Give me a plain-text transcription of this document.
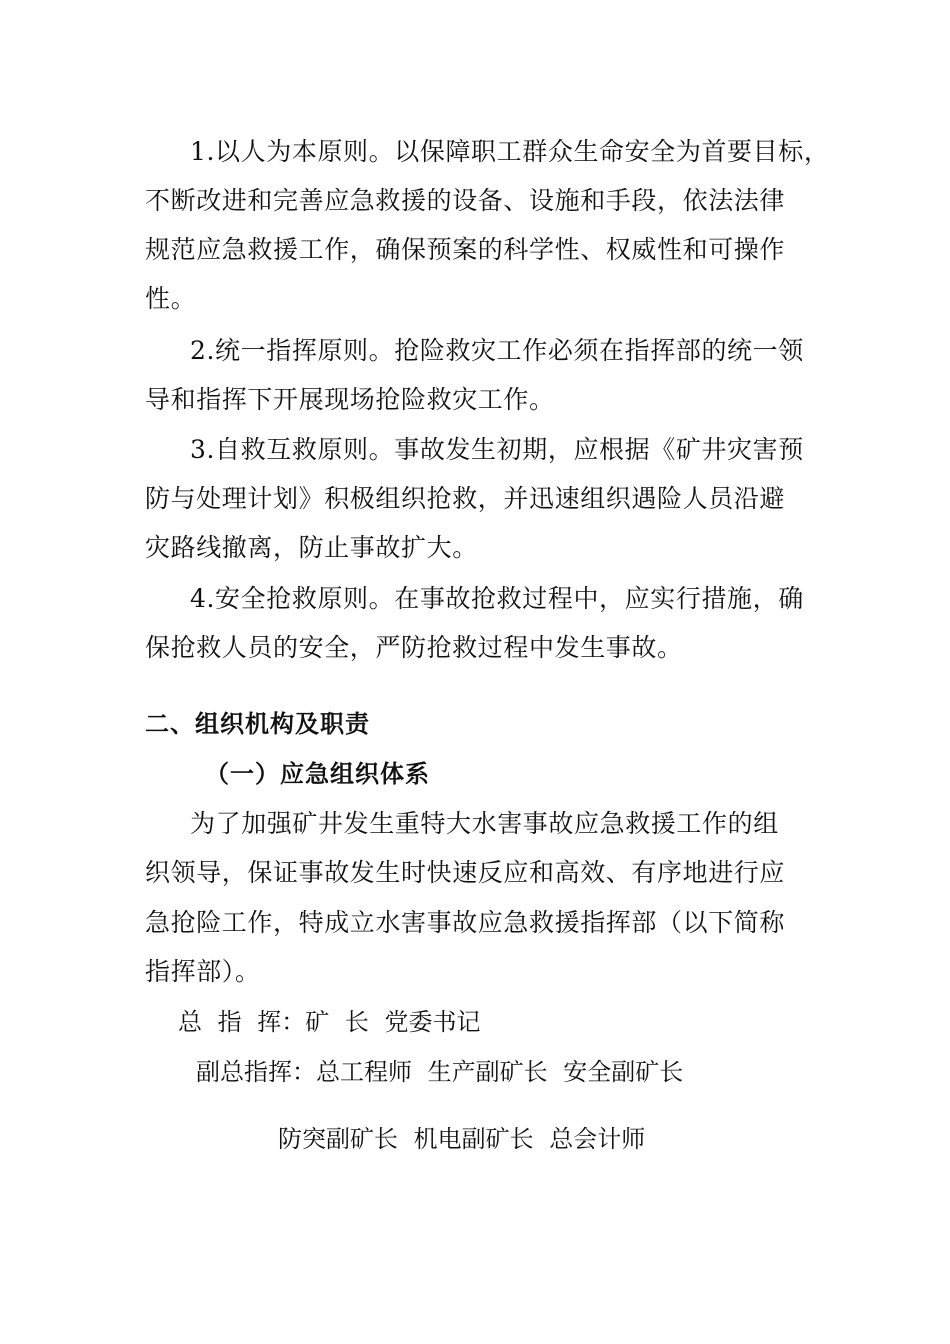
1.以人为本原则。以保障职工群众生命安全为首要目标，
不断改进和完善应急救援的设备、设施和手段，依法法律
规范应急救援工作，确保预案的科学性、权威性和可操作
性。
2.统一指挥原则。抢险救灾工作必须在指挥部的统一领
导和指挥下开展现场抢险救灾工作。
3.自救互救原则。事故发生初期，应根据《矿井灾害预
防与处理计划》积极组织抢救，并迅速组织遇险人员沿避
灾路线撤离，防止事故扩大。
4.安全抢救原则。在事故抢救过程中，应实行措施，确
保抢救人员的安全，严防抢救过程中发生事故。
二、组织机构及职责
（一）应急组织体系
为了加强矿井发生重特大水害事故应急救援工作的组
织领导，保证事故发生时快速反应和高效、有序地进行应
急抢险工作，特成立水害事故应急救援指挥部（以下简称
指挥部）。
总 指 挥：矿 长 党委书记
副总指挥：总工程师 生产副矿长 安全副矿长
防突副矿长 机电副矿长 总会计师
